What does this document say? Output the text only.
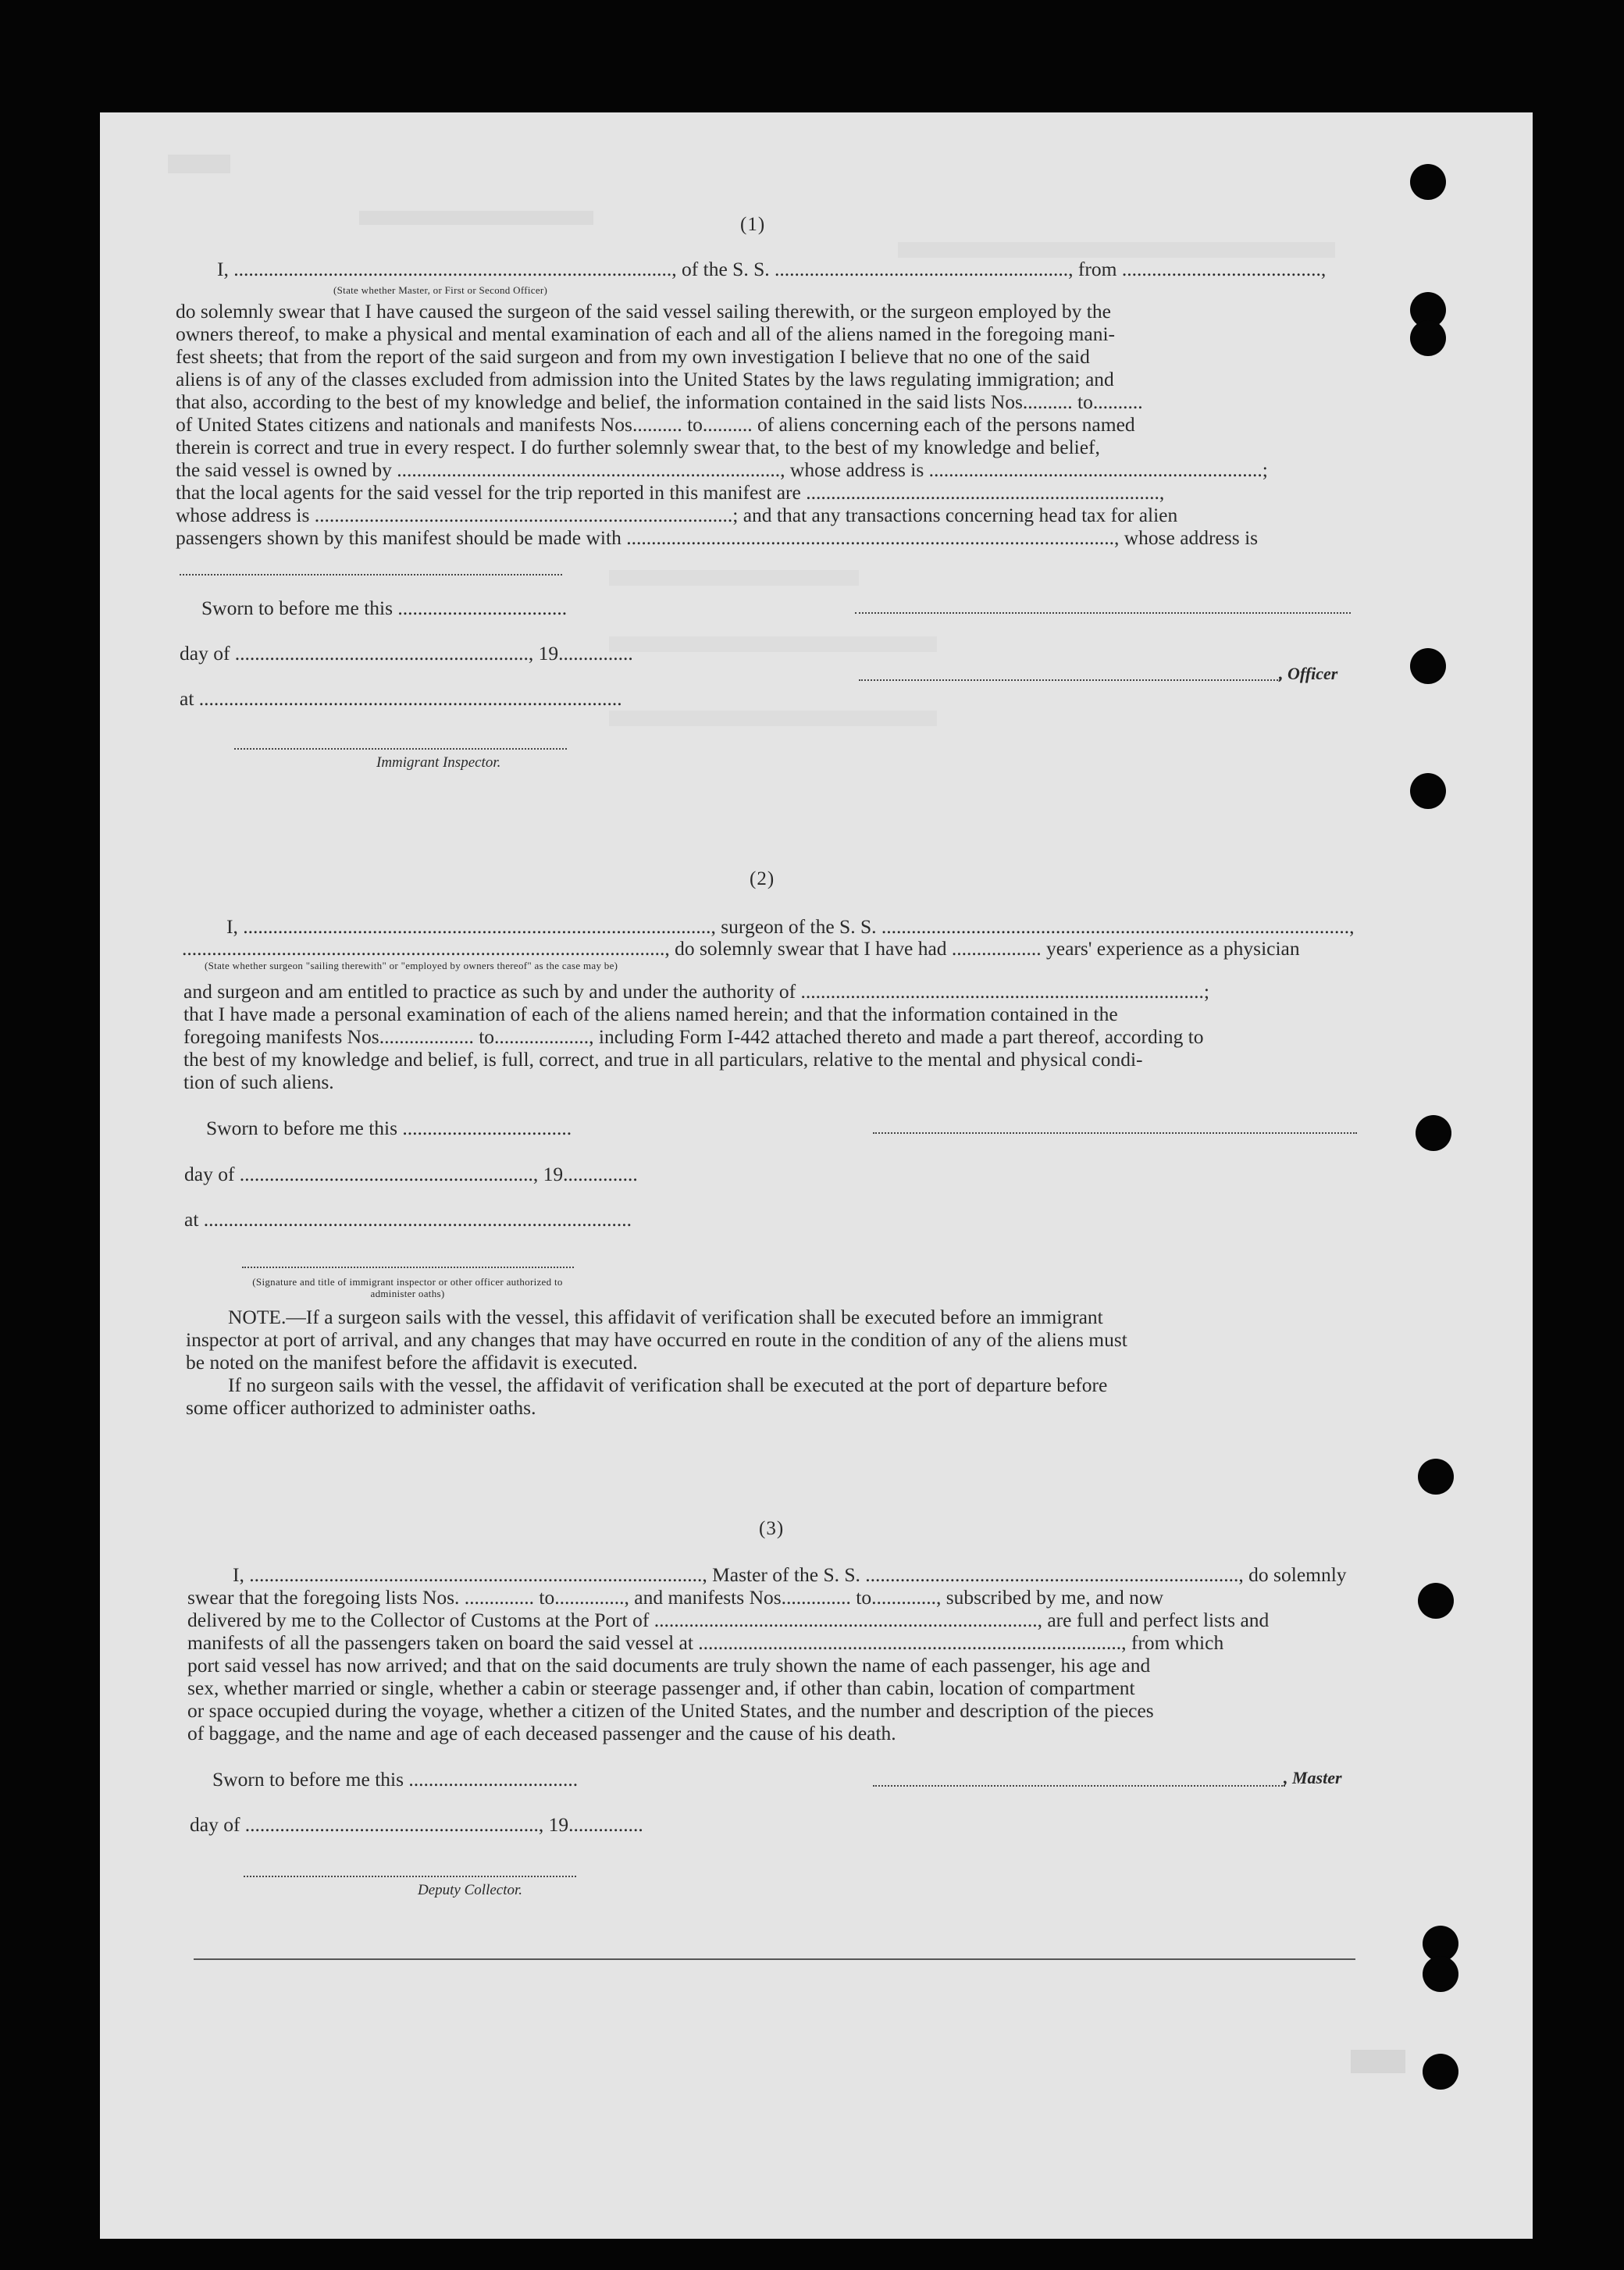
(1)
I, ........................................................................................, of the S. S. ..........................................................., from ........................................,
(State whether Master, or First or Second Officer)
do solemnly swear that I have caused the surgeon of the said vessel sailing therewith, or the surgeon employed by the
owners thereof, to make a physical and mental examination of each and all of the aliens named in the foregoing mani-
fest sheets; that from the report of the said surgeon and from my own investigation I believe that no one of the said
aliens is of any of the classes excluded from admission into the United States by the laws regulating immigration; and
that also, according to the best of my knowledge and belief, the information contained in the said lists Nos.......... to..........
of United States citizens and nationals and manifests Nos.......... to.......... of aliens concerning each of the persons named
therein is correct and true in every respect. I do further solemnly swear that, to the best of my knowledge and belief,
the said vessel is owned by ............................................................................., whose address is ...................................................................;
that the local agents for the said vessel for the trip reported in this manifest are .......................................................................,
whose address is ....................................................................................; and that any transactions concerning head tax for alien
passengers shown by this manifest should be made with .................................................................................................., whose address is
Sworn to before me this ..................................
day of ..........................................................., 19...............
at .....................................................................................
Immigrant Inspector.
, Officer
(2)
I, .............................................................................................., surgeon of the S. S. ..............................................................................................,
................................................................................................., do solemnly swear that I have had .................. years' experience as a physician
(State whether surgeon "sailing therewith" or "employed by owners thereof" as the case may be)
and surgeon and am entitled to practice as such by and under the authority of .................................................................................;
that I have made a personal examination of each of the aliens named herein; and that the information contained in the
foregoing manifests Nos................... to..................., including Form I-442 attached thereto and made a part thereof, according to
the best of my knowledge and belief, is full, correct, and true in all particulars, relative to the mental and physical condi-
tion of such aliens.
Sworn to before me this ..................................
day of ..........................................................., 19...............
at ......................................................................................
(Signature and title of immigrant inspector or other officer authorized to administer oaths)
NOTE.—If a surgeon sails with the vessel, this affidavit of verification shall be executed before an immigrant
inspector at port of arrival, and any changes that may have occurred en route in the condition of any of the aliens must
be noted on the manifest before the affidavit is executed.
If no surgeon sails with the vessel, the affidavit of verification shall be executed at the port of departure before
some officer authorized to administer oaths.
(3)
I, ..........................................................................................., Master of the S. S. ..........................................................................., do solemnly
swear that the foregoing lists Nos. .............. to.............., and manifests Nos.............. to............., subscribed by me, and now
delivered by me to the Collector of Customs at the Port of ............................................................................., are full and perfect lists and
manifests of all the passengers taken on board the said vessel at ....................................................................................., from which
port said vessel has now arrived; and that on the said documents are truly shown the name of each passenger, his age and
sex, whether married or single, whether a cabin or steerage passenger and, if other than cabin, location of compartment
or space occupied during the voyage, whether a citizen of the United States, and the number and description of the pieces
of baggage, and the name and age of each deceased passenger and the cause of his death.
Sworn to before me this ..................................	, Master
day of ..........................................................., 19...............
Deputy Collector.
